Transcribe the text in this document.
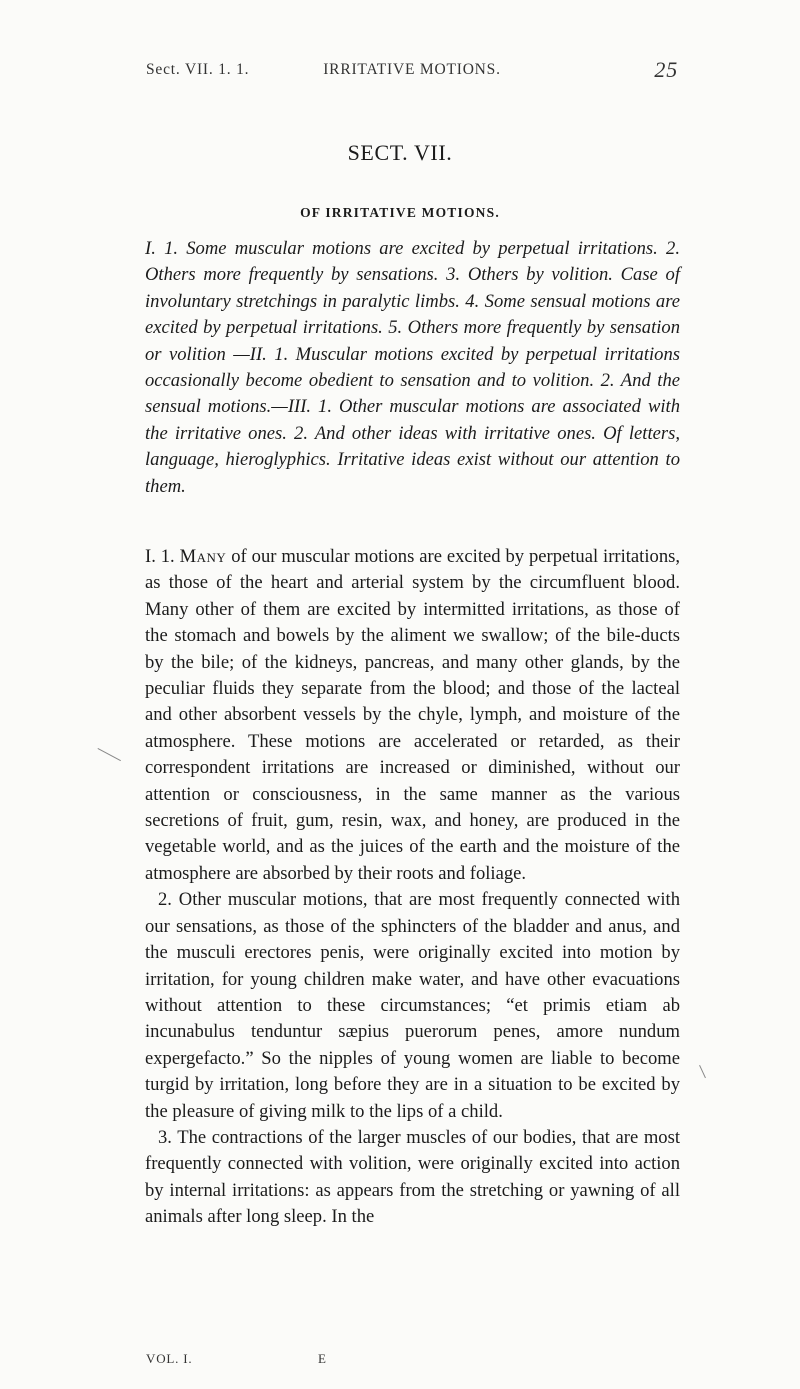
Sect. VII. 1. 1.	IRRITATIVE MOTIONS.	25
SECT. VII.
OF IRRITATIVE MOTIONS.
I. 1. Some muscular motions are excited by perpetual irritations. 2. Others more frequently by sensations. 3. Others by volition. Case of involuntary stretchings in paralytic limbs. 4. Some sensual motions are excited by perpetual irritations. 5. Others more frequently by sensation or volition —II. 1. Muscular motions excited by perpetual irritations occasionally become obedient to sensation and to volition. 2. And the sensual motions.—III. 1. Other muscular motions are associated with the irritative ones. 2. And other ideas with irritative ones. Of letters, language, hieroglyphics. Irritative ideas exist without our attention to them.

I. 1. Many of our muscular motions are excited by perpetual irritations, as those of the heart and arterial system by the circumfluent blood. Many other of them are excited by intermitted irritations, as those of the stomach and bowels by the aliment we swallow; of the bile-ducts by the bile; of the kidneys, pancreas, and many other glands, by the peculiar fluids they separate from the blood; and those of the lacteal and other absorbent vessels by the chyle, lymph, and moisture of the atmosphere. These motions are accelerated or retarded, as their correspondent irritations are increased or diminished, without our attention or consciousness, in the same manner as the various secretions of fruit, gum, resin, wax, and honey, are produced in the vegetable world, and as the juices of the earth and the moisture of the atmosphere are absorbed by their roots and foliage.

2. Other muscular motions, that are most frequently connected with our sensations, as those of the sphincters of the bladder and anus, and the musculi erectores penis, were originally excited into motion by irritation, for young children make water, and have other evacuations without attention to these circumstances; “et primis etiam ab incunabulus tenduntur sæpius puerorum penes, amore nundum expergefacto.” So the nipples of young women are liable to become turgid by irritation, long before they are in a situation to be excited by the pleasure of giving milk to the lips of a child.

3. The contractions of the larger muscles of our bodies, that are most frequently connected with volition, were originally excited into action by internal irritations: as appears from the stretching or yawning of all animals after long sleep. In the

VOL. I.	E
